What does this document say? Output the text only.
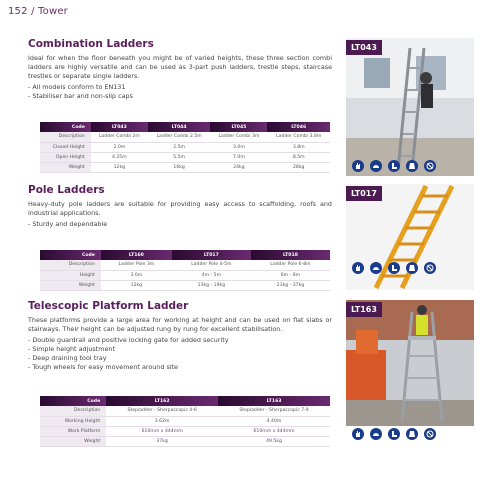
152 / Tower
Combination Ladders

Ideal for when the floor beneath you might be of varied heights, these three section combi ladders are highly versatile and can be used as 3-part push ladders, trestle steps, staircase trestles or separate single ladders.

- All models conform to EN131
- Stabiliser bar and non-slip caps
Code	LT043	LT044	LT045	LT046
Description	Ladder Combi 2m	Ladder Combi 2.5m	Ladder Combi 3m	Ladder Combi 3.8m
Closed Height	2.0m	2.5m	3.0m	3.8m
Open Height	4.25m	5.5m	7.0m	8.5m
Weight	12kg	16kg	24kg	28kg
LT043
Pole Ladders

Heavy-duty pole ladders are suitable for providing easy access to scaffolding, roofs and industrial applications.

- Sturdy and dependable
Code	LT160	LT017	LT018
Description	Ladder Pole 3m	Ladder Pole 4-5m	Ladder Pole 6-8m
Height	3.0m	4m - 5m	6m - 8m
Weight	12kg	13kg - 19kg	23kg - 37kg
LT017
Telescopic Platform Ladder

These platforms provide a large area for working at height and can be used on flat slabs or stairways. Their height can be adjusted rung by rung for excellent stabilisation.

- Double guardrail and positive locking gate for added security
- Simple height adjustment
- Deep draining tool tray
- Tough wheels for easy movement around site
Code	LT162	LT163
Description	Stepladder - Sherpascopic 4-6	Stepladder - Sherpascopic 7-9
Working Height	3.62m	4.40m
Work Platform	610mm x 444mm	610mm x 444mm
Weight	37kg	49.5kg
LT163
